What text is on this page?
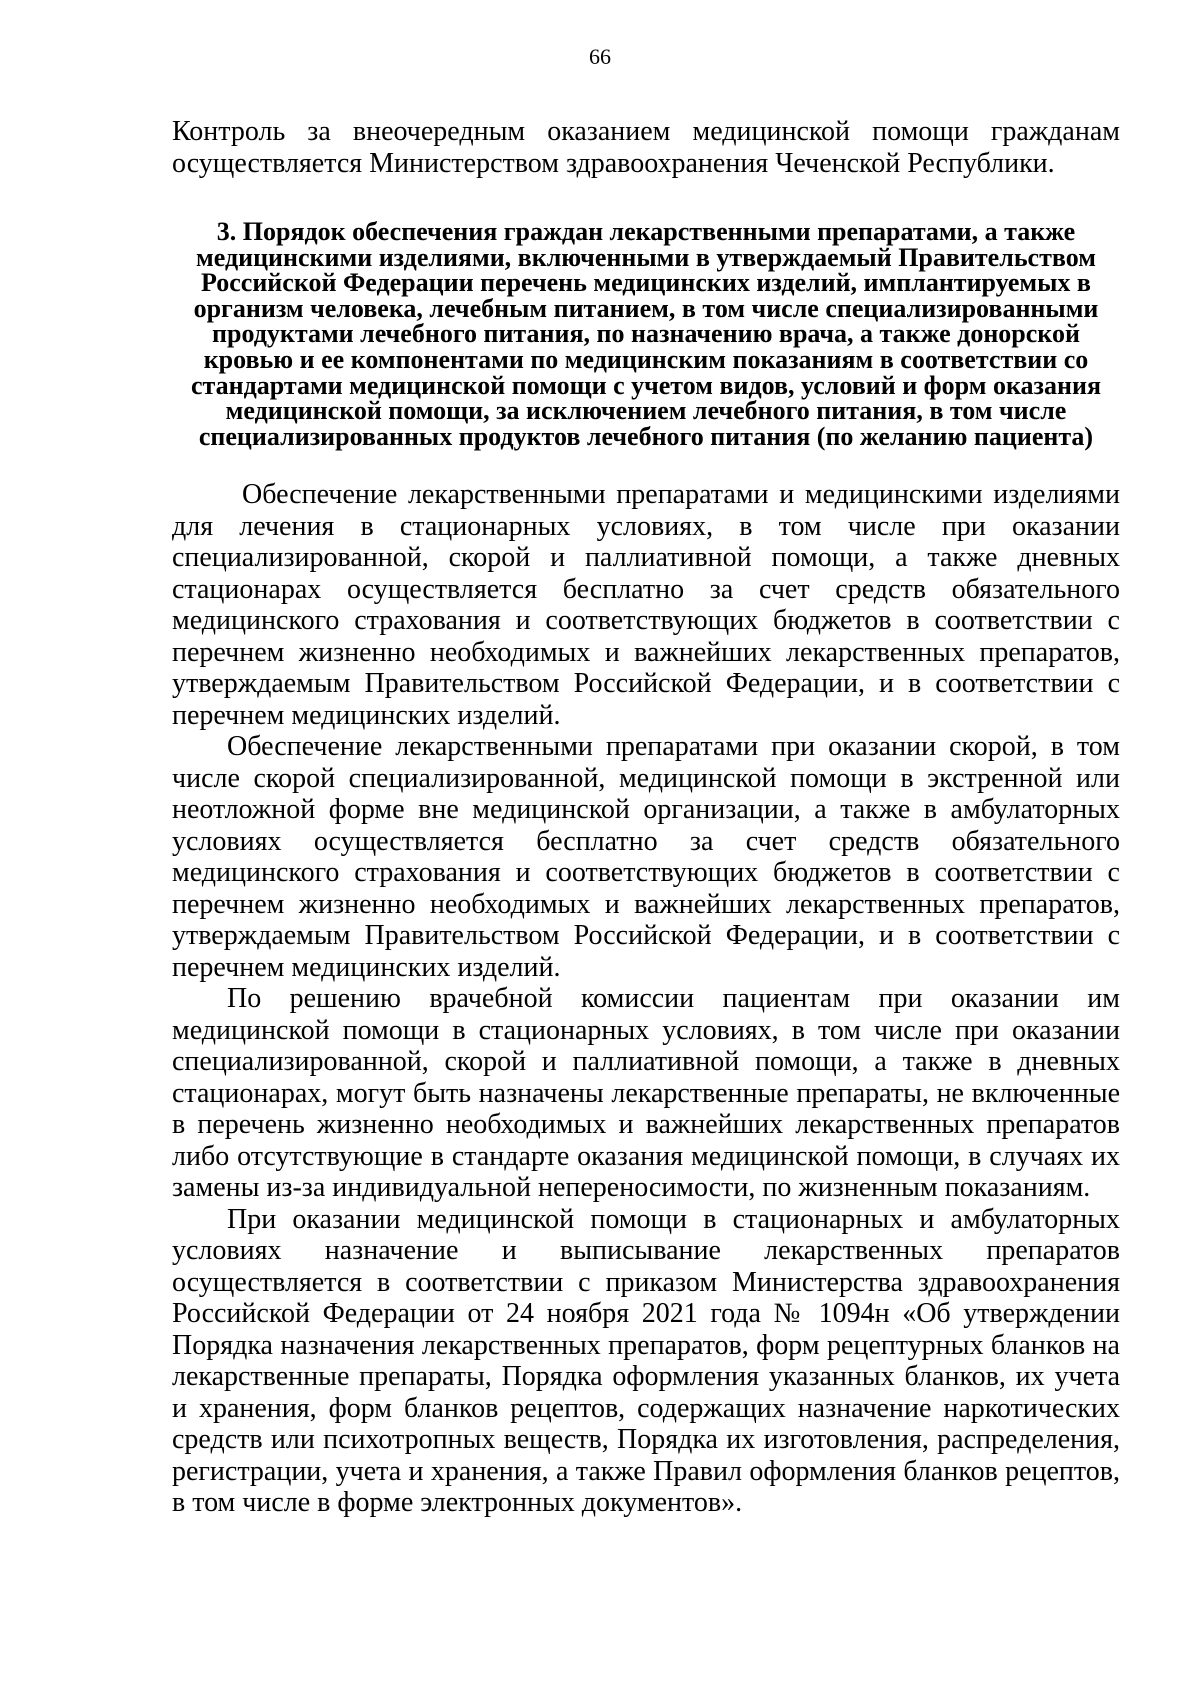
66

Контроль за внеочередным оказанием медицинской помощи гражданам осуществляется Министерством здравоохранения Чеченской Республики.

3. Порядок обеспечения граждан лекарственными препаратами, а также медицинскими изделиями, включенными в утверждаемый Правительством Российской Федерации перечень медицинских изделий, имплантируемых в организм человека, лечебным питанием, в том числе специализированными продуктами лечебного питания, по назначению врача, а также донорской кровью и ее компонентами по медицинским показаниям в соответствии со стандартами медицинской помощи с учетом видов, условий и форм оказания медицинской помощи, за исключением лечебного питания, в том числе специализированных продуктов лечебного питания (по желанию пациента)

Обеспечение лекарственными препаратами и медицинскими изделиями для лечения в стационарных условиях, в том числе при оказании специализированной, скорой и паллиативной помощи, а также дневных стационарах осуществляется бесплатно за счет средств обязательного медицинского страхования и соответствующих бюджетов в соответствии с перечнем жизненно необходимых и важнейших лекарственных препаратов, утверждаемым Правительством Российской Федерации, и в соответствии с перечнем медицинских изделий.

Обеспечение лекарственными препаратами при оказании скорой, в том числе скорой специализированной, медицинской помощи в экстренной или неотложной форме вне медицинской организации, а также в амбулаторных условиях осуществляется бесплатно за счет средств обязательного медицинского страхования и соответствующих бюджетов в соответствии с перечнем жизненно необходимых и важнейших лекарственных препаратов, утверждаемым Правительством Российской Федерации, и в соответствии с перечнем медицинских изделий.

По решению врачебной комиссии пациентам при оказании им медицинской помощи в стационарных условиях, в том числе при оказании специализированной, скорой и паллиативной помощи, а также в дневных стационарах, могут быть назначены лекарственные препараты, не включенные в перечень жизненно необходимых и важнейших лекарственных препаратов либо отсутствующие в стандарте оказания медицинской помощи, в случаях их замены из-за индивидуальной непереносимости, по жизненным показаниям.

При оказании медицинской помощи в стационарных и амбулаторных условиях назначение и выписывание лекарственных препаратов осуществляется в соответствии с приказом Министерства здравоохранения Российской Федерации от 24 ноября 2021 года № 1094н «Об утверждении Порядка назначения лекарственных препаратов, форм рецептурных бланков на лекарственные препараты, Порядка оформления указанных бланков, их учета и хранения, форм бланков рецептов, содержащих назначение наркотических средств или психотропных веществ, Порядка их изготовления, распределения, регистрации, учета и хранения, а также Правил оформления бланков рецептов, в том числе в форме электронных документов».
